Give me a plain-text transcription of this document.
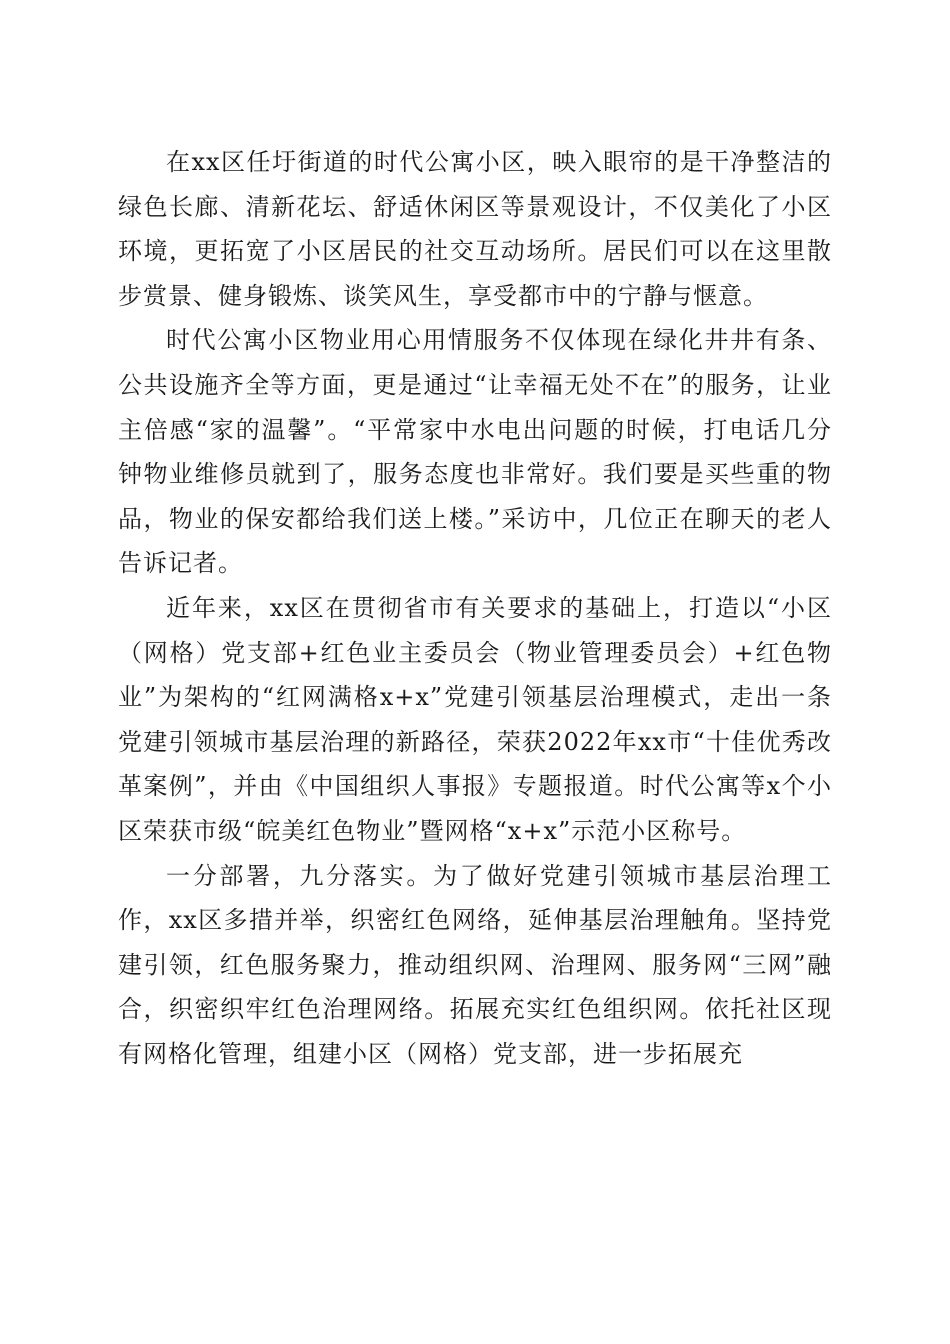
在xx区任圩街道的时代公寓小区，映入眼帘的是干净整洁的绿色长廊、清新花坛、舒适休闲区等景观设计，不仅美化了小区环境，更拓宽了小区居民的社交互动场所。居民们可以在这里散步赏景、健身锻炼、谈笑风生，享受都市中的宁静与惬意。

时代公寓小区物业用心用情服务不仅体现在绿化井井有条、公共设施齐全等方面，更是通过“让幸福无处不在”的服务，让业主倍感“家的温馨”。“平常家中水电出问题的时候，打电话几分钟物业维修员就到了，服务态度也非常好。我们要是买些重的物品，物业的保安都给我们送上楼。”采访中，几位正在聊天的老人告诉记者。

近年来，xx区在贯彻省市有关要求的基础上，打造以“小区（网格）党支部+红色业主委员会（物业管理委员会）+红色物业”为架构的“红网满格x+x”党建引领基层治理模式，走出一条党建引领城市基层治理的新路径，荣获2022年xx市“十佳优秀改革案例”，并由《中国组织人事报》专题报道。时代公寓等x个小区荣获市级“皖美红色物业”暨网格“x+x”示范小区称号。

一分部署，九分落实。为了做好党建引领城市基层治理工作，xx区多措并举，织密红色网络，延伸基层治理触角。坚持党建引领，红色服务聚力，推动组织网、治理网、服务网“三网”融合，织密织牢红色治理网络。拓展充实红色组织网。依托社区现有网格化管理，组建小区（网格）党支部，进一步拓展充
